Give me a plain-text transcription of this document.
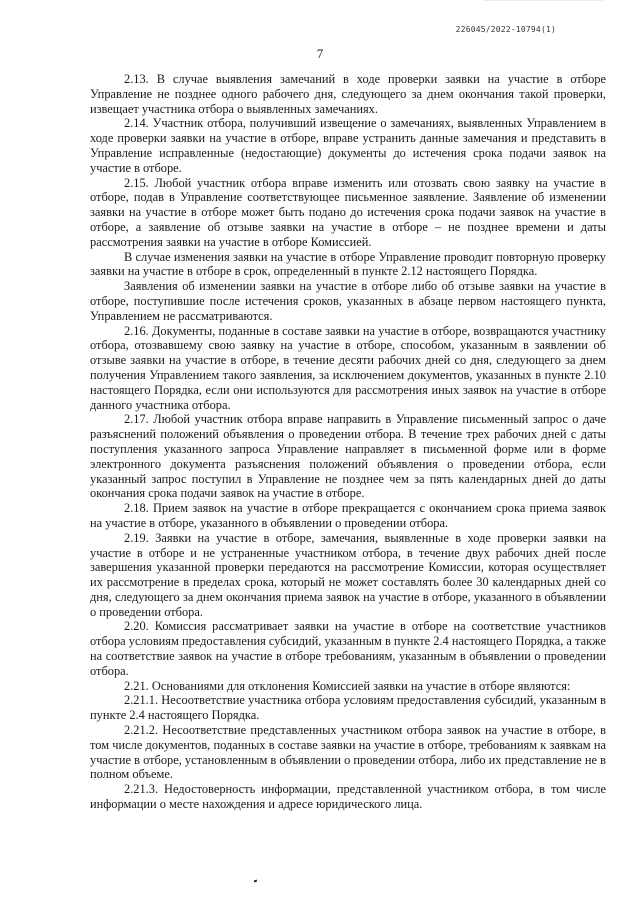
226045/2022-10794(1)
7

2.13. В случае выявления замечаний в ходе проверки заявки на участие в отборе Управление не позднее одного рабочего дня, следующего за днем окончания такой проверки, извещает участника отбора о выявленных замечаниях.

2.14. Участник отбора, получивший извещение о замечаниях, выявленных Управлением в ходе проверки заявки на участие в отборе, вправе устранить данные замечания и представить в Управление исправленные (недостающие) документы до истечения срока подачи заявок на участие в отборе.

2.15. Любой участник отбора вправе изменить или отозвать свою заявку на участие в отборе, подав в Управление соответствующее письменное заявление. Заявление об изменении заявки на участие в отборе может быть подано до истечения срока подачи заявок на участие в отборе, а заявление об отзыве заявки на участие в отборе – не позднее времени и даты рассмотрения заявки на участие в отборе Комиссией.

В случае изменения заявки на участие в отборе Управление проводит повторную проверку заявки на участие в отборе в срок, определенный в пункте 2.12 настоящего Порядка.

Заявления об изменении заявки на участие в отборе либо об отзыве заявки на участие в отборе, поступившие после истечения сроков, указанных в абзаце первом настоящего пункта, Управлением не рассматриваются.

2.16. Документы, поданные в составе заявки на участие в отборе, возвращаются участнику отбора, отозвавшему свою заявку на участие в отборе, способом, указанным в заявлении об отзыве заявки на участие в отборе, в течение десяти рабочих дней со дня, следующего за днем получения Управлением такого заявления, за исключением документов, указанных в пункте 2.10 настоящего Порядка, если они используются для рассмотрения иных заявок на участие в отборе данного участника отбора.

2.17. Любой участник отбора вправе направить в Управление письменный запрос о даче разъяснений положений объявления о проведении отбора. В течение трех рабочих дней с даты поступления указанного запроса Управление направляет в письменной форме или в форме электронного документа разъяснения положений объявления о проведении отбора, если указанный запрос поступил в Управление не позднее чем за пять календарных дней до даты окончания срока подачи заявок на участие в отборе.

2.18. Прием заявок на участие в отборе прекращается с окончанием срока приема заявок на участие в отборе, указанного в объявлении о проведении отбора.

2.19. Заявки на участие в отборе, замечания, выявленные в ходе проверки заявки на участие в отборе и не устраненные участником отбора, в течение двух рабочих дней после завершения указанной проверки передаются на рассмотрение Комиссии, которая осуществляет их рассмотрение в пределах срока, который не может составлять более 30 календарных дней со дня, следующего за днем окончания приема заявок на участие в отборе, указанного в объявлении о проведении отбора.

2.20. Комиссия рассматривает заявки на участие в отборе на соответствие участников отбора условиям предоставления субсидий, указанным в пункте 2.4 настоящего Порядка, а также на соответствие заявок на участие в отборе требованиям, указанным в объявлении о проведении отбора.

2.21. Основаниями для отклонения Комиссией заявки на участие в отборе являются:

2.21.1. Несоответствие участника отбора условиям предоставления субсидий, указанным в пункте 2.4 настоящего Порядка.

2.21.2. Несоответствие представленных участником отбора заявок на участие в отборе, в том числе документов, поданных в составе заявки на участие в отборе, требованиям к заявкам на участие в отборе, установленным в объявлении о проведении отбора, либо их представление не в полном объеме.

2.21.3. Недостоверность информации, представленной участником отбора, в том числе информации о месте нахождения и адресе юридического лица.
